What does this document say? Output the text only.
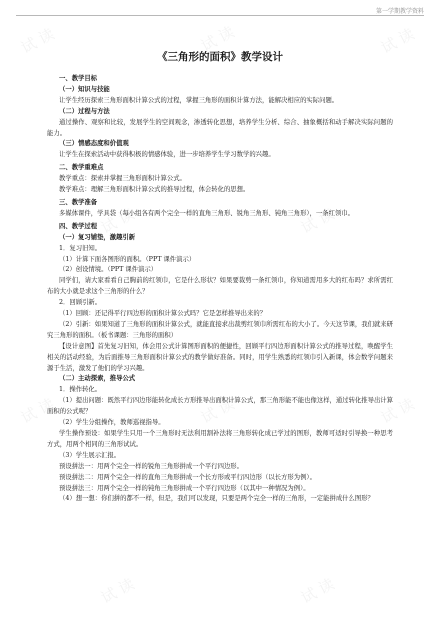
第一学期教学资料
试 读	试 读	试 读
试 读	试 读
试 读	试 读	试 读
试 读	试 读
《三角形的面积》教学设计
一、教学目标
（一）知识与技能

让学生经历探索三角形面积计算公式的过程，掌握三角形的面积计算方法，能解决相应的实际问题。

（二）过程与方法

通过操作、观察和比较，发展学生的空间观念，渗透转化思想，培养学生分析、综合、抽象概括和动手解决实际问题的能力。

（三）情感态度和价值观

让学生在探索活动中获得积极的情感体验，进一步培养学生学习数学的兴趣。

二、教学重难点

教学重点：探索并掌握三角形面积计算公式。

教学难点：理解三角形面积计算公式的推导过程，体会转化的思想。

三、教学准备

多媒体课件，学具袋（每小组各有两个完全一样的直角三角形、锐角三角形、钝角三角形），一条红领巾。

四、教学过程
（一）复习铺垫，激趣引新

1．复习旧知。

（1）计算下面各图形的面积。（PPT 课件演示）

（2）创设情境。（PPT 课件演示）

同学们，请大家看看自己胸前的红领巾，它是什么形状？如果要裁剪一条红领巾，你知道需用多大的红布吗？求所需红布的大小就是求这个三角形的什么？

2．回顾引新。

（1）回顾：还记得平行四边形的面积计算公式吗？它是怎样推导出来的？

（2）引新：如果知道了三角形的面积计算公式，就能直接求出裁剪红领巾所需红布的大小了。今天这节课，我们就来研究三角形的面积。（板书课题：三角形的面积）

【设计意图】首先复习旧知，体会用公式计算图形面积的便捷性，回顾平行四边形面积计算公式的推导过程，唤醒学生相关的活动经验，为后面推导三角形面积计算公式的教学做好准备。同时，用学生熟悉的红领巾引入新课，体会数学问题来源于生活，激发了他们的学习兴趣。

（二）主动探索，推导公式

1．操作转化。

（1）提出问题：既然平行四边形能转化成长方形推导出面积计算公式，那三角形能不能也像这样，通过转化推导出计算面积的公式呢？

（2）学生分组操作，教师巡视指导。

学生操作预设：如果学生只用一个三角形时无法利用割补法将三角形转化成已学过的图形，教师可适时引导换一种思考方式，用两个相同的三角形试试。

（3）学生展示汇报。

预设拼法一：用两个完全一样的锐角三角形拼成一个平行四边形。

预设拼法二：用两个完全一样的直角三角形拼成一个长方形或平行四边形（以长方形为例）。

预设拼法三：用两个完全一样的钝角三角形拼成一个平行四边形（以其中一种情况为例）。

（4）想一想：你们拼的都不一样，但是，我们可以发现，只要是两个完全一样的三角形，一定能拼成什么图形？
